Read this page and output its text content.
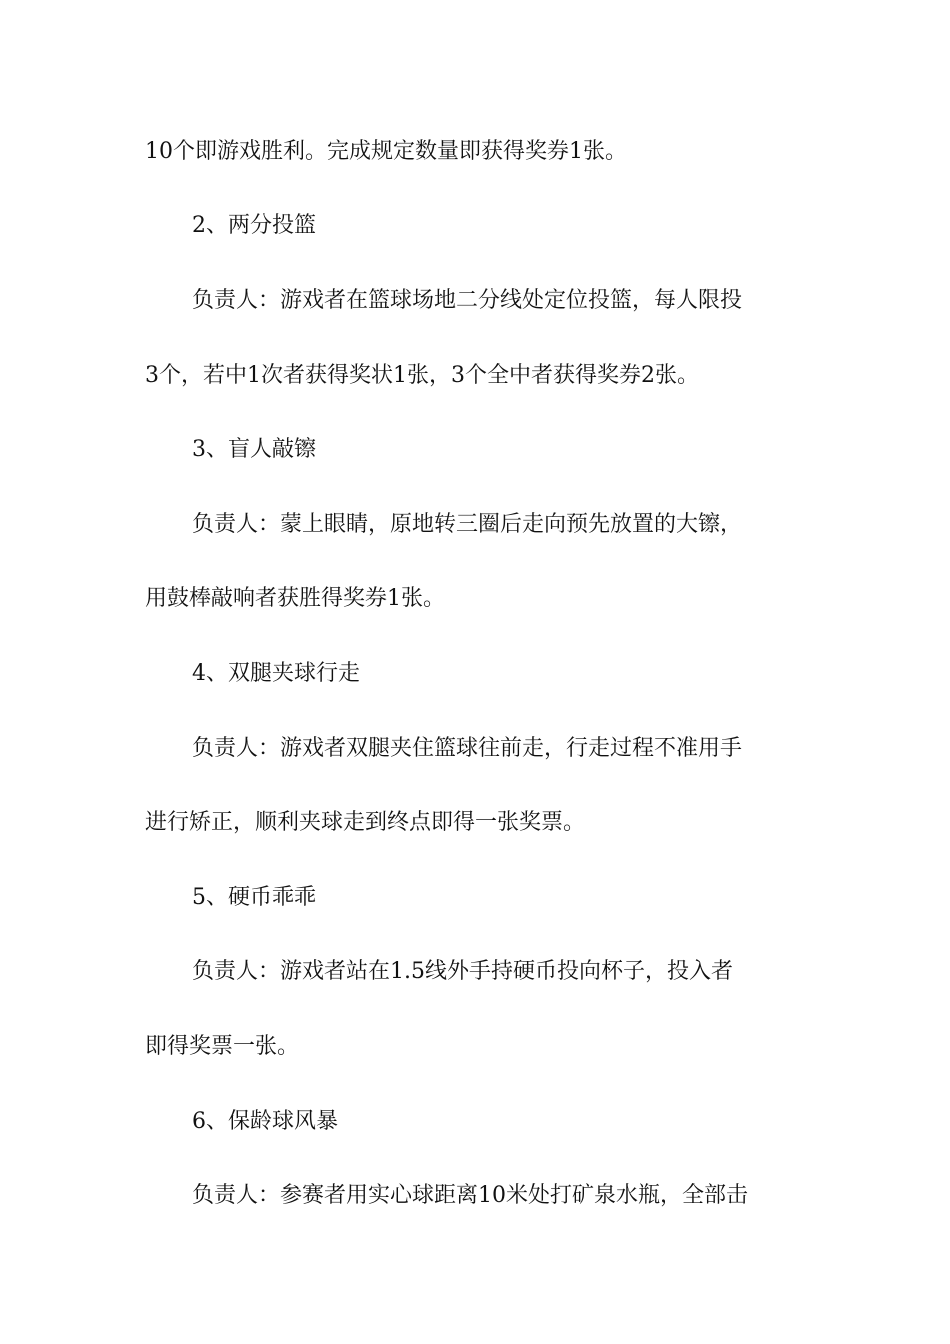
10个即游戏胜利。完成规定数量即获得奖券1张。
2、两分投篮
负责人：游戏者在篮球场地二分线处定位投篮，每人限投
3个，若中1次者获得奖状1张，3个全中者获得奖券2张。
3、盲人敲镲
负责人：蒙上眼睛，原地转三圈后走向预先放置的大镲，
用鼓棒敲响者获胜得奖券1张。
4、双腿夹球行走
负责人：游戏者双腿夹住篮球往前走，行走过程不准用手
进行矫正，顺利夹球走到终点即得一张奖票。
5、硬币乖乖
负责人：游戏者站在1.5线外手持硬币投向杯子，投入者
即得奖票一张。
6、保龄球风暴
负责人：参赛者用实心球距离10米处打矿泉水瓶，全部击
